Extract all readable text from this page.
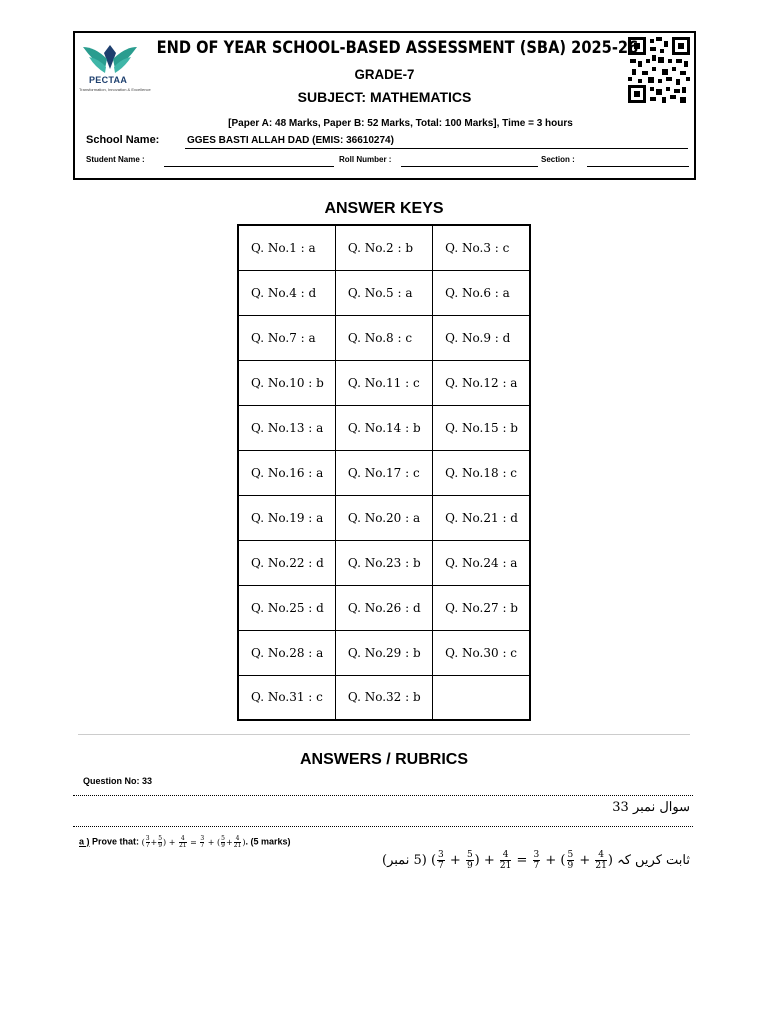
PECTAA
Transformation, Innovation & Excellence
END OF YEAR SCHOOL-BASED ASSESSMENT (SBA) 2025-26
GRADE-7
SUBJECT: MATHEMATICS
[Paper A: 48 Marks, Paper B: 52 Marks, Total: 100 Marks], Time = 3 hours
School Name:	GGES BASTI ALLAH DAD (EMIS: 36610274)
Student Name :	Roll Number :	Section :
ANSWER KEYS
Q. No.1 : a	Q. No.2 : b	Q. No.3 : c
Q. No.4 : d	Q. No.5 : a	Q. No.6 : a
Q. No.7 : a	Q. No.8 : c	Q. No.9 : d
Q. No.10 : b	Q. No.11 : c	Q. No.12 : a
Q. No.13 : a	Q. No.14 : b	Q. No.15 : b
Q. No.16 : a	Q. No.17 : c	Q. No.18 : c
Q. No.19 : a	Q. No.20 : a	Q. No.21 : d
Q. No.22 : d	Q. No.23 : b	Q. No.24 : a
Q. No.25 : d	Q. No.26 : d	Q. No.27 : b
Q. No.28 : a	Q. No.29 : b	Q. No.30 : c
Q. No.31 : c	Q. No.32 : b	
ANSWERS / RUBRICS
Question No: 33
سوال نمبر 33
a ) Prove that: ( $\frac{3}{7} + \frac{5}{9}$ ) + $\frac{4}{21} = \frac{3}{7}$ + ( $\frac{5}{9} + \frac{4}{21}$ ). (5 marks)
ثابت کریں کہ ( $\frac{3}{7} + \frac{5}{9}$ ) + $\frac{4}{21} = \frac{3}{7}$ + ( $\frac{5}{9} + \frac{4}{21}$ ) (5 نمبر)
